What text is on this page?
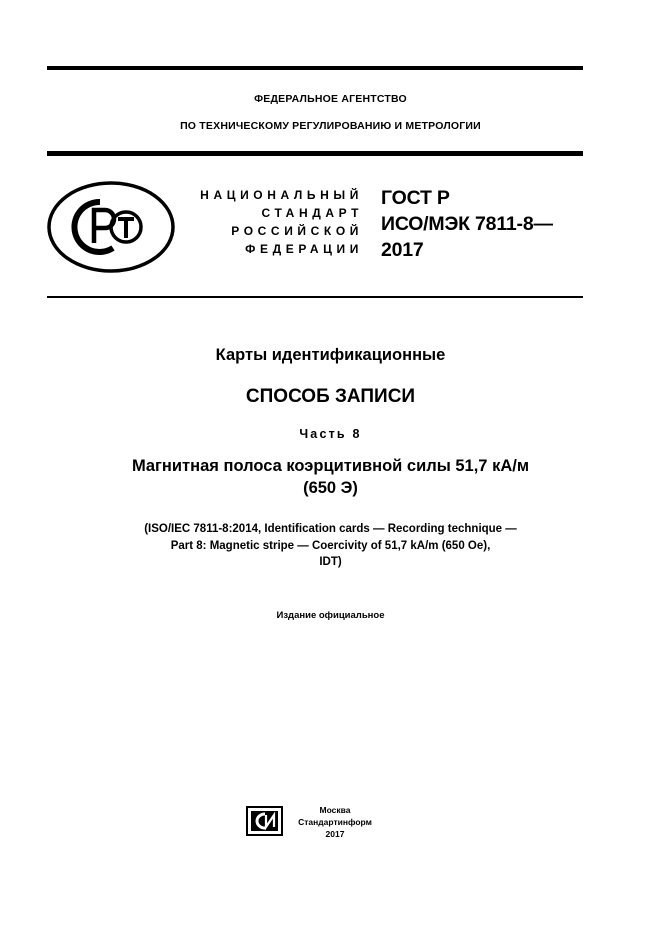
ФЕДЕРАЛЬНОЕ АГЕНТСТВО
ПО ТЕХНИЧЕСКОМУ РЕГУЛИРОВАНИЮ И МЕТРОЛОГИИ
НАЦИОНАЛЬНЫЙ
СТАНДАРТ
РОССИЙСКОЙ
ФЕДЕРАЦИИ
ГОСТ Р
ИСО/МЭК 7811-8—
2017
Карты идентификационные
СПОСОБ ЗАПИСИ
Часть 8
Магнитная полоса коэрцитивной силы 51,7 кА/м
(650 Э)
(ISO/IEC 7811-8:2014, Identification cards — Recording technique —
Part 8: Magnetic stripe — Coercivity of 51,7 kA/m (650 Oe),
IDT)
Издание официальное
Москва
Стандартинформ
2017
